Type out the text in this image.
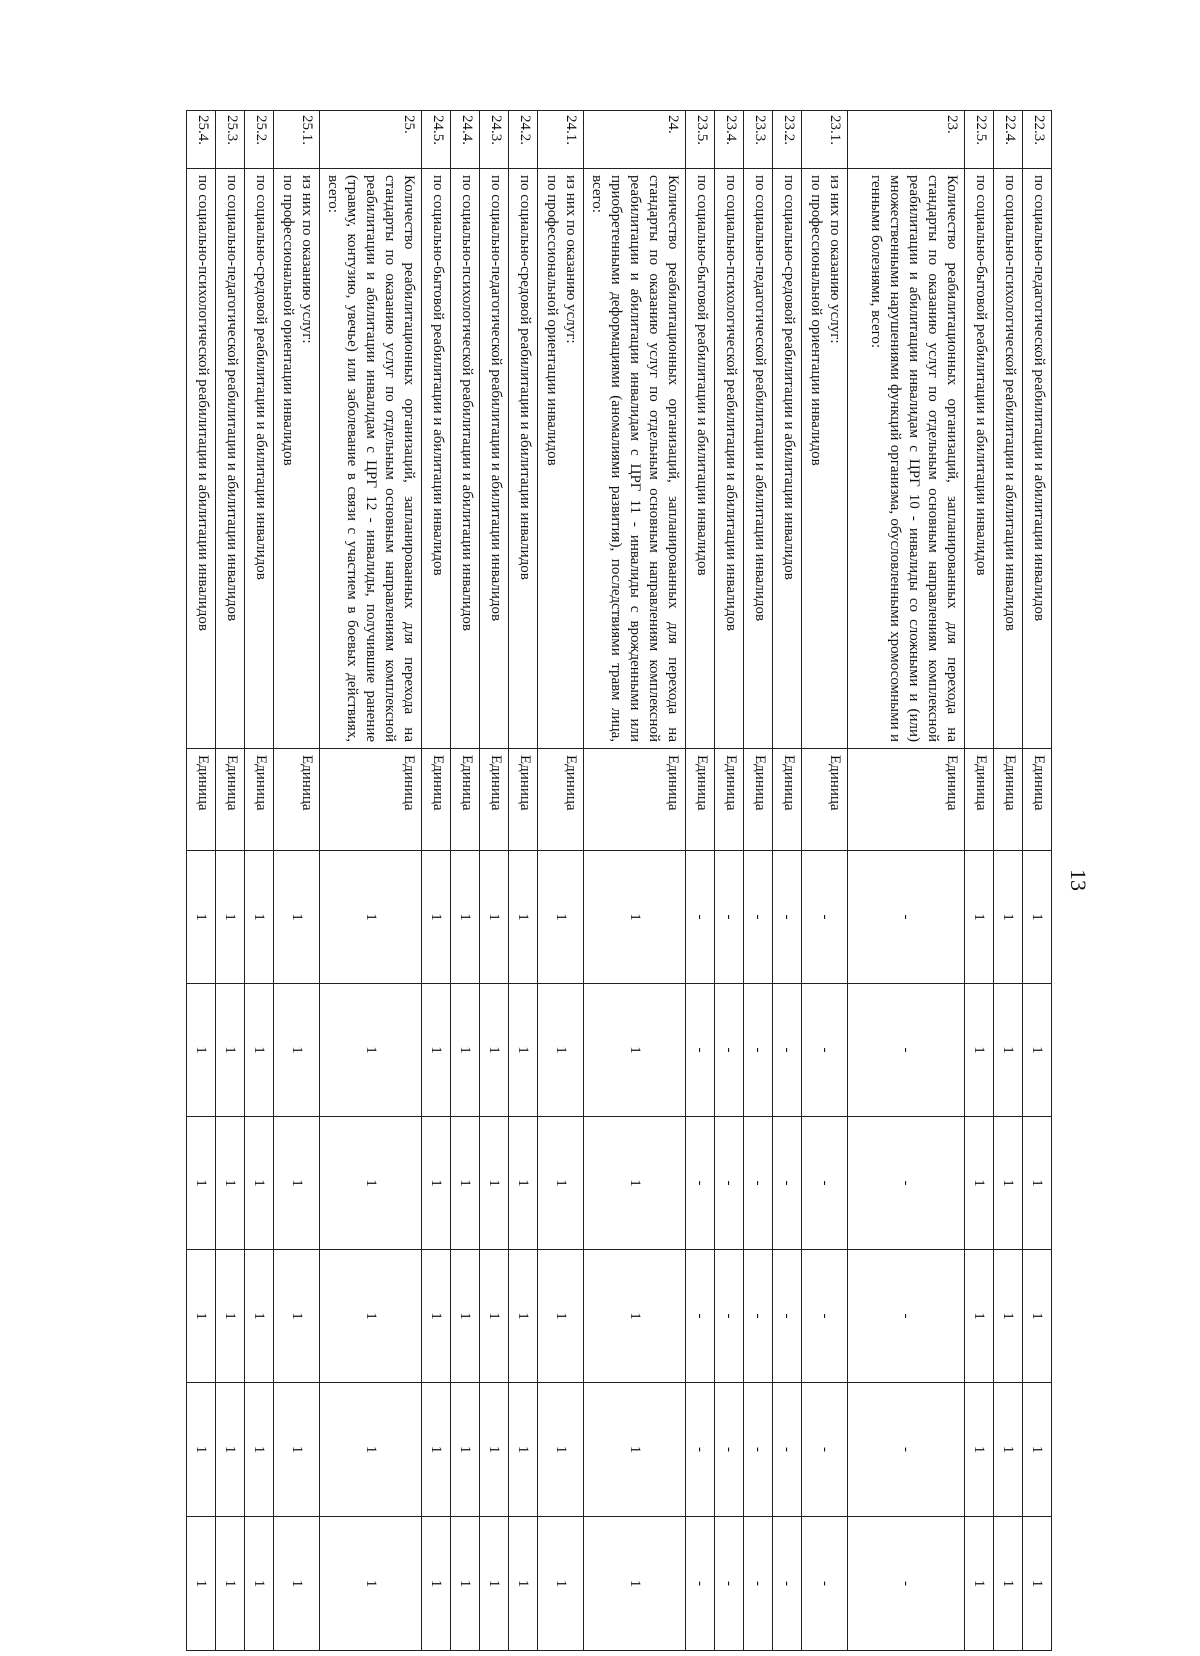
13
22.3.	по социально-педагогической реабилитации и абилитации инвалидов	Единица	1	1	1	1	1	1
22.4.	по социально-психологической реабилитации и абилитации инвалидов	Единица	1	1	1	1	1	1
22.5.	по социально-бытовой реабилитации и абилитации инвалидов	Единица	1	1	1	1	1	1
23.	Количество реабилитационных организаций, запланированных для перехода на стандарты по оказанию услуг по отдельным основным направлениям комплексной реабилитации и абилитации инвалидам с ЦРГ 10 - инвалиды со сложными и (или) множественными нарушениями функций организма, обусловленными хромосомными и генными болезнями, всего:	Единица	-	-	-	-	-	-
23.1.	из них по оказанию услуг:
по профессиональной ориентации инвалидов	Единица	-	-	-	-	-	-
23.2.	по социально-средовой реабилитации и абилитации инвалидов	Единица	-	-	-	-	-	-
23.3.	по социально-педагогической реабилитации и абилитации инвалидов	Единица	-	-	-	-	-	-
23.4.	по социально-психологической реабилитации и абилитации инвалидов	Единица	-	-	-	-	-	-
23.5.	по социально-бытовой реабилитации и абилитации инвалидов	Единица	-	-	-	-	-	-
24.	Количество реабилитационных организаций, запланированных для перехода на стандарты по оказанию услуг по отдельным основным направлениям комплексной реабилитации и абилитации инвалидам с ЦРГ 11 - инвалиды с врожденными или приобретенными деформациями (аномалиями развития), последствиями травм лица, всего:	Единица	1	1	1	1	1	1
24.1.	из них по оказанию услуг:
по профессиональной ориентации инвалидов	Единица	1	1	1	1	1	1
24.2.	по социально-средовой реабилитации и абилитации инвалидов	Единица	1	1	1	1	1	1
24.3.	по социально-педагогической реабилитации и абилитации инвалидов	Единица	1	1	1	1	1	1
24.4.	по социально-психологической реабилитации и абилитации инвалидов	Единица	1	1	1	1	1	1
24.5.	по социально-бытовой реабилитации и абилитации инвалидов	Единица	1	1	1	1	1	1
25.	Количество реабилитационных организаций, запланированных для перехода на стандарты по оказанию услуг по отдельным основным направлениям комплексной реабилитации и абилитации инвалидам с ЦРГ 12 - инвалиды, получившие ранение (травму, контузию, увечье) или заболевание в связи с участием в боевых действиях, всего:	Единица	1	1	1	1	1	1
25.1.	из них по оказанию услуг:
по профессиональной ориентации инвалидов	Единица	1	1	1	1	1	1
25.2.	по социально-средовой реабилитации и абилитации инвалидов	Единица	1	1	1	1	1	1
25.3.	по социально-педагогической реабилитации и абилитации инвалидов	Единица	1	1	1	1	1	1
25.4.	по социально-психологической реабилитации и абилитации инвалидов	Единица	1	1	1	1	1	1
